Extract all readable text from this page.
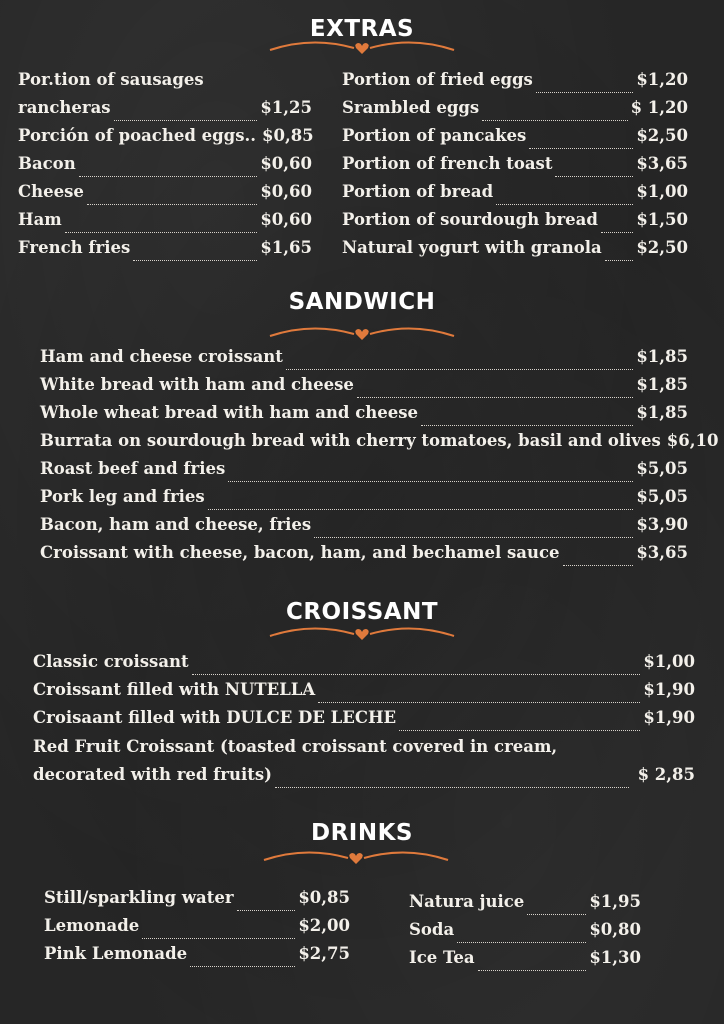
EXTRAS
Por.tion of sausages
rancheras	$1,25
Porción of poached eggs.. $0,85
Bacon	$0,60
Cheese	$0,60
Ham	$0,60
French fries	$1,65
Portion of fried eggs	$1,20
Srambled eggs	$ 1,20
Portion of pancakes	$2,50
Portion of french toast	$3,65
Portion of bread	$1,00
Portion of sourdough bread $1,50
Natural yogurt with granola $2,50
SANDWICH
Ham and cheese croissant	$1,85
White bread with ham and cheese	$1,85
Whole wheat bread with ham and cheese	$1,85
Burrata on sourdough bread with cherry tomatoes, basil and olives $6,10
Roast beef and fries	$5,05
Pork leg and fries	$5,05
Bacon, ham and cheese, fries	$3,90
Croissant with cheese, bacon, ham, and bechamel sauce	$3,65
CROISSANT
Classic croissant	$1,00
Croissant filled with NUTELLA	$1,90
Croisaant filled with DULCE DE LECHE	$1,90
Red Fruit Croissant (toasted croissant covered in cream,
decorated with red fruits)	$ 2,85
DRINKS
Still/sparkling water	$0,85
Lemonade	$2,00
Pink Lemonade	$2,75
Natura juice	$1,95
Soda	$0,80
Ice Tea	$1,30
